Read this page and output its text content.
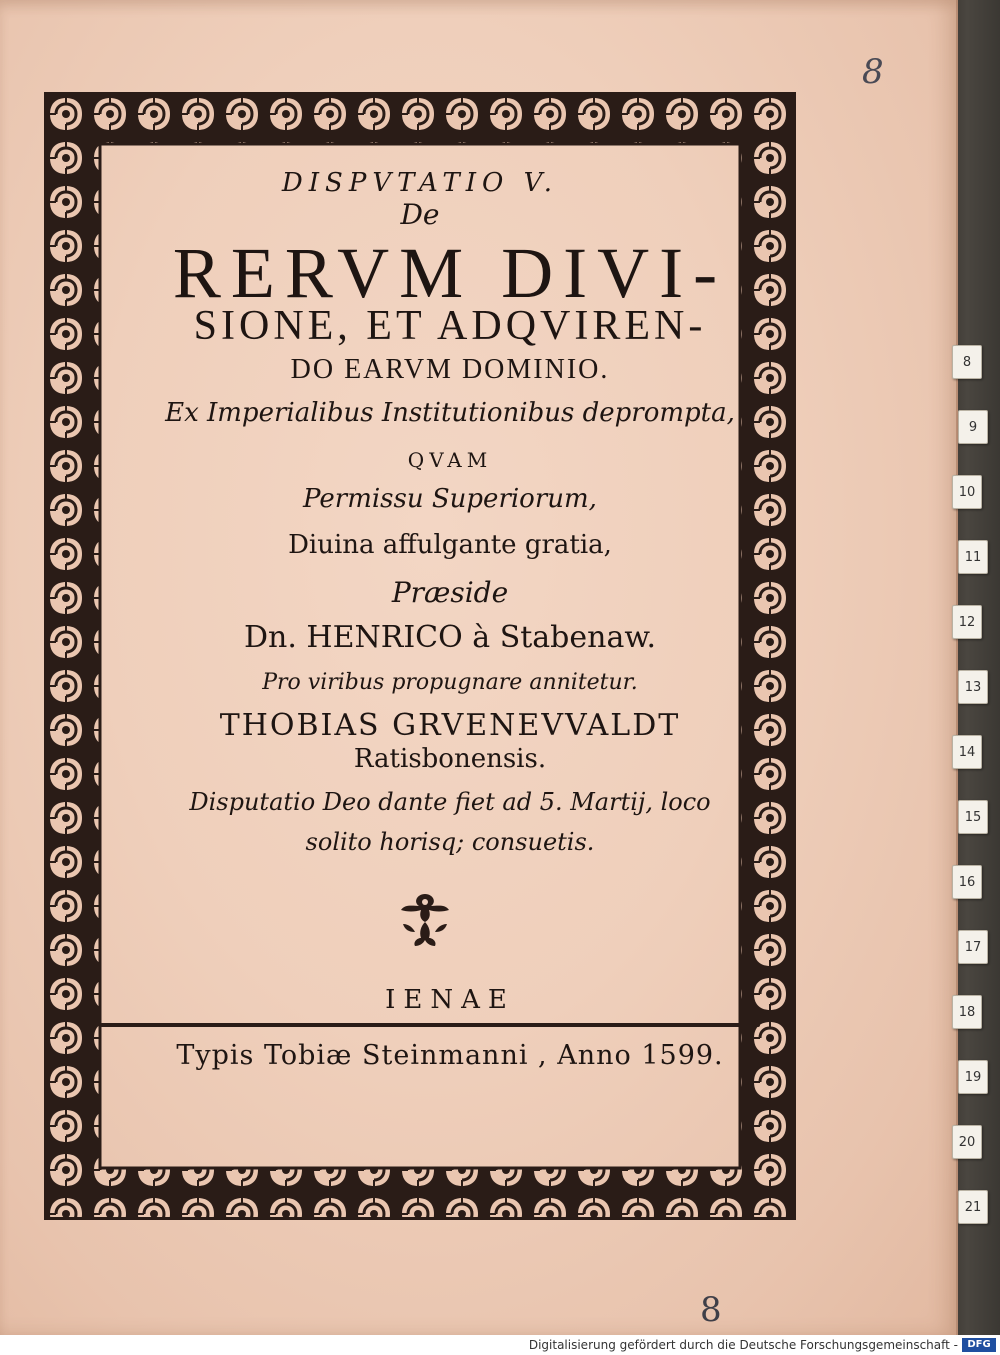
DISPVTATIO V.
De
RERVM DIVI-
SIONE, ET ADQVIREN-
DO EARVM DOMINIO.
Ex Imperialibus Institutionibus deprompta,
QVAM
Permissu Superiorum,
Diuina affulgante gratia,
Præside
Dn. HENRICO à Stabenaw.
Pro viribus propugnare annitetur.
THOBIAS GRVENEVVALDT
Ratisbonensis.
Disputatio Deo dante fiet ad 5. Martij, loco
solito horisq; consuetis.
IENAE
Typis Tobiæ Steinmanni , Anno 1599.
8
8
8
9
10
11
12
13
14
15
16
17
18
19
20
21
Digitalisierung gefördert durch die Deutsche Forschungsgemeinschaft - DFG
